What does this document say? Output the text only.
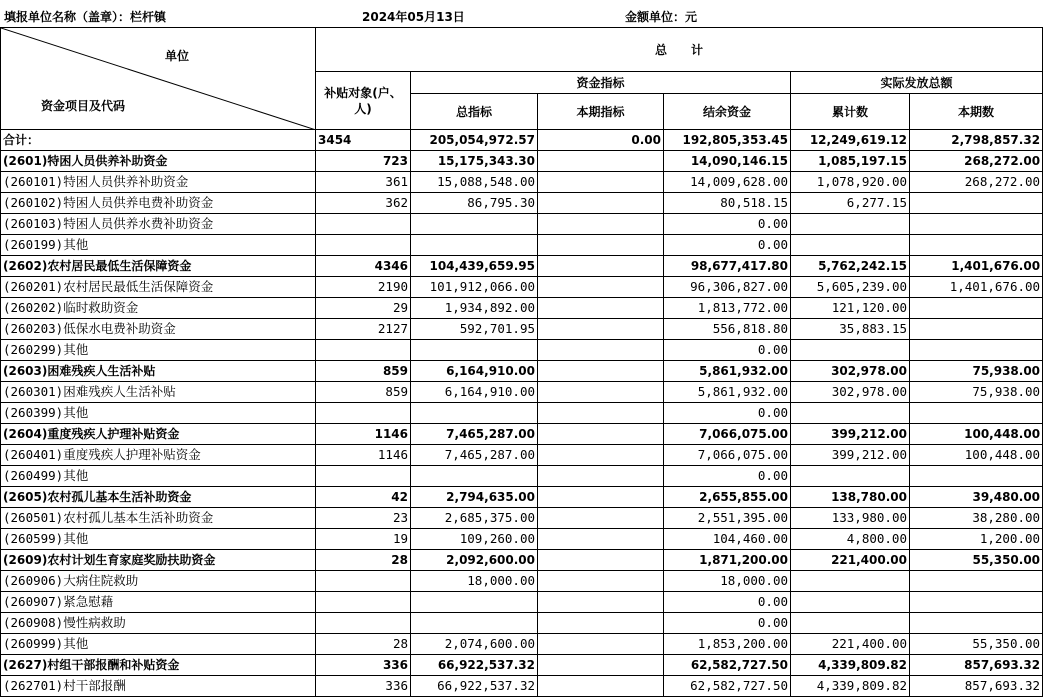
填报单位名称（盖章）：栏杆镇	2024年05月13日	金额单位：元
单位
资金项目及代码	总　　计					
	补贴对象(户、人)	资金指标			实际发放总额	
		总指标	本期指标	结余资金	累计数	本期数
合计：	3454	205,054,972.57	0.00	192,805,353.45	12,249,619.12	2,798,857.32
(2601)特困人员供养补助资金	723	15,175,343.30		14,090,146.15	1,085,197.15	268,272.00
(260101)特困人员供养补助资金	361	15,088,548.00		14,009,628.00	1,078,920.00	268,272.00
(260102)特困人员供养电费补助资金	362	86,795.30		80,518.15	6,277.15	
(260103)特困人员供养水费补助资金				0.00		
(260199)其他				0.00		
(2602)农村居民最低生活保障资金	4346	104,439,659.95		98,677,417.80	5,762,242.15	1,401,676.00
(260201)农村居民最低生活保障资金	2190	101,912,066.00		96,306,827.00	5,605,239.00	1,401,676.00
(260202)临时救助资金	29	1,934,892.00		1,813,772.00	121,120.00	
(260203)低保水电费补助资金	2127	592,701.95		556,818.80	35,883.15	
(260299)其他				0.00		
(2603)困难残疾人生活补贴	859	6,164,910.00		5,861,932.00	302,978.00	75,938.00
(260301)困难残疾人生活补贴	859	6,164,910.00		5,861,932.00	302,978.00	75,938.00
(260399)其他				0.00		
(2604)重度残疾人护理补贴资金	1146	7,465,287.00		7,066,075.00	399,212.00	100,448.00
(260401)重度残疾人护理补贴资金	1146	7,465,287.00		7,066,075.00	399,212.00	100,448.00
(260499)其他				0.00		
(2605)农村孤儿基本生活补助资金	42	2,794,635.00		2,655,855.00	138,780.00	39,480.00
(260501)农村孤儿基本生活补助资金	23	2,685,375.00		2,551,395.00	133,980.00	38,280.00
(260599)其他	19	109,260.00		104,460.00	4,800.00	1,200.00
(2609)农村计划生育家庭奖励扶助资金	28	2,092,600.00		1,871,200.00	221,400.00	55,350.00
(260906)大病住院救助		18,000.00		18,000.00		
(260907)紧急慰藉				0.00		
(260908)慢性病救助				0.00		
(260999)其他	28	2,074,600.00		1,853,200.00	221,400.00	55,350.00
(2627)村组干部报酬和补贴资金	336	66,922,537.32		62,582,727.50	4,339,809.82	857,693.32
(262701)村干部报酬	336	66,922,537.32		62,582,727.50	4,339,809.82	857,693.32
